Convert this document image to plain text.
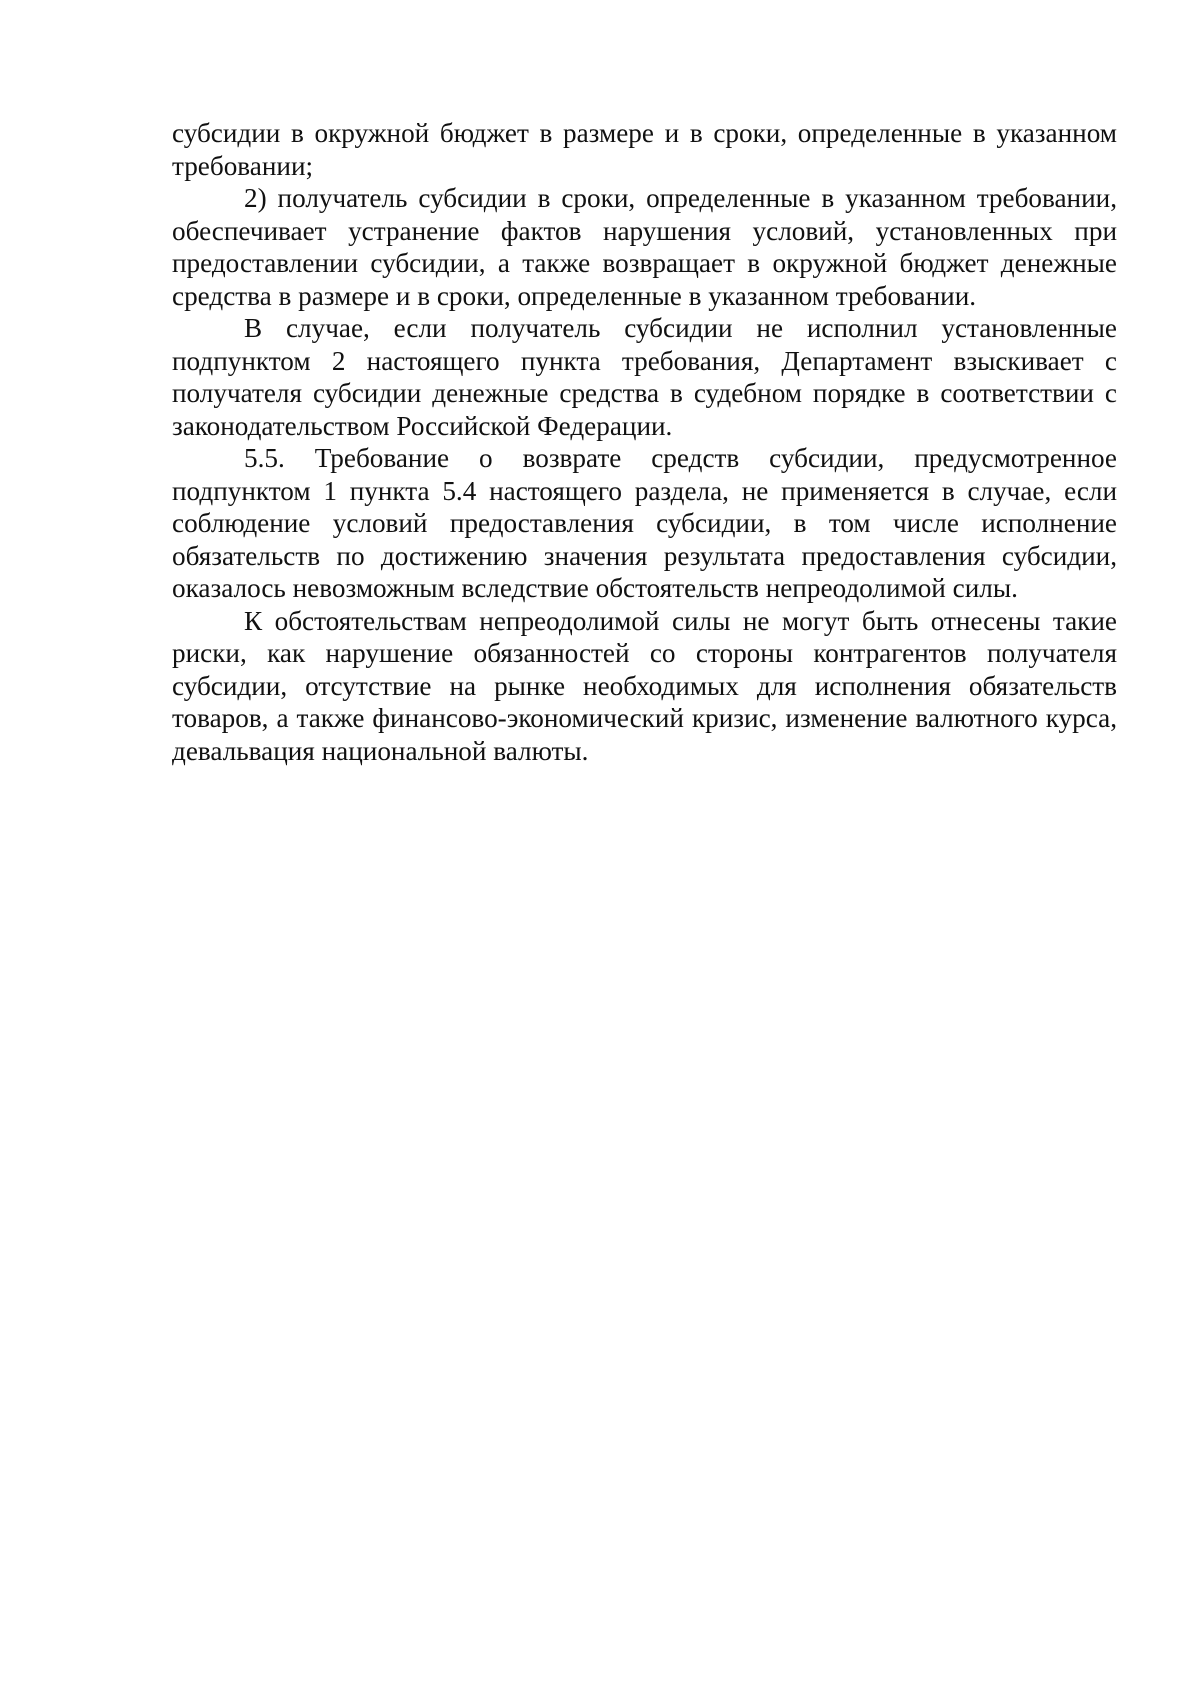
субсидии в окружной бюджет в размере и в сроки, определенные в указанном требовании;

2) получатель субсидии в сроки, определенные в указанном требовании, обеспечивает устранение фактов нарушения условий, установленных при предоставлении субсидии, а также возвращает в окружной бюджет денежные средства в размере и в сроки, определенные в указанном требовании.

В случае, если получатель субсидии не исполнил установленные подпунктом 2 настоящего пункта требования, Департамент взыскивает с получателя субсидии денежные средства в судебном порядке в соответствии с законодательством Российской Федерации.

5.5. Требование о возврате средств субсидии, предусмотренное подпунктом 1 пункта 5.4 настоящего раздела, не применяется в случае, если соблюдение условий предоставления субсидии, в том числе исполнение обязательств по достижению значения результата предоставления субсидии, оказалось невозможным вследствие обстоятельств непреодолимой силы.

К обстоятельствам непреодолимой силы не могут быть отнесены такие риски, как нарушение обязанностей со стороны контрагентов получателя субсидии, отсутствие на рынке необходимых для исполнения обязательств товаров, а также финансово-экономический кризис, изменение валютного курса, девальвация национальной валюты.
